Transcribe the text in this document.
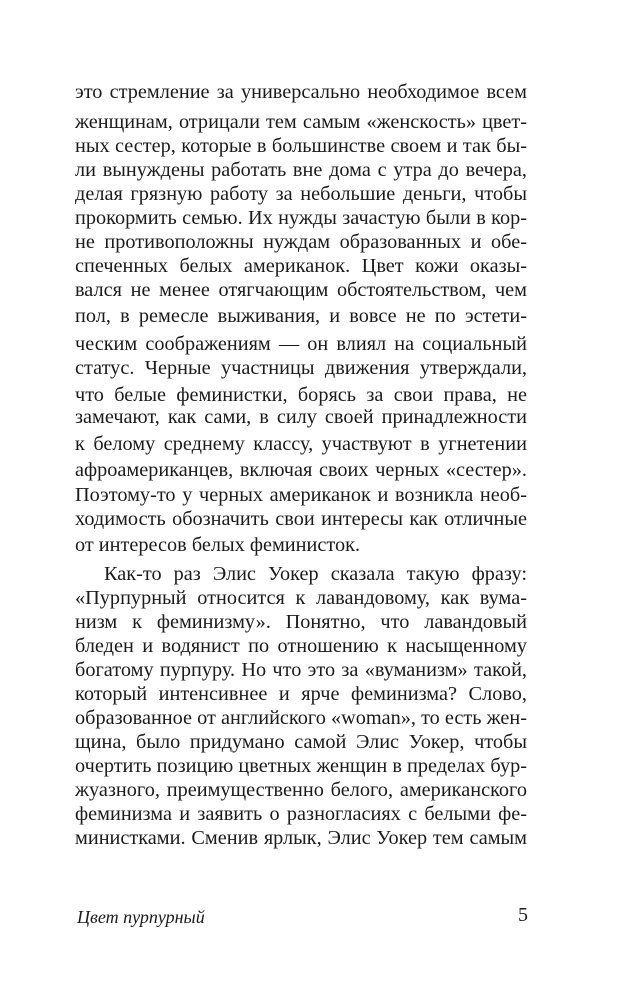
это стремление за универсально необходимое всем
женщинам, отрицали тем самым «женскость» цвет-
ных сестер, которые в большинстве своем и так бы-
ли вынуждены работать вне дома с утра до вечера,
делая грязную работу за небольшие деньги, чтобы
прокормить семью. Их нужды зачастую были в кор-
не противоположны нуждам образованных и обе-
спеченных белых американок. Цвет кожи оказы-
вался не менее отягчающим обстоятельством, чем
пол, в ремесле выживания, и вовсе не по эстети-
ческим соображениям — он влиял на социальный
статус. Черные участницы движения утверждали,
что белые феминистки, борясь за свои права, не
замечают, как сами, в силу своей принадлежности
к белому среднему классу, участвуют в угнетении
афроамериканцев, включая своих черных «сестер».
Поэтому-то у черных американок и возникла необ-
ходимость обозначить свои интересы как отличные
от интересов белых феминисток.
Как-то раз Элис Уокер сказала такую фразу:
«Пурпурный относится к лавандовому, как вума-
низм к феминизму». Понятно, что лавандовый
бледен и водянист по отношению к насыщенному
богатому пурпуру. Но что это за «вуманизм» такой,
который интенсивнее и ярче феминизма? Слово,
образованное от английского «woman», то есть жен-
щина, было придумано самой Элис Уокер, чтобы
очертить позицию цветных женщин в пределах бур-
жуазного, преимущественно белого, американского
феминизма и заявить о разногласиях с белыми фе-
министками. Сменив ярлык, Элис Уокер тем самым
Цвет пурпурный	5
